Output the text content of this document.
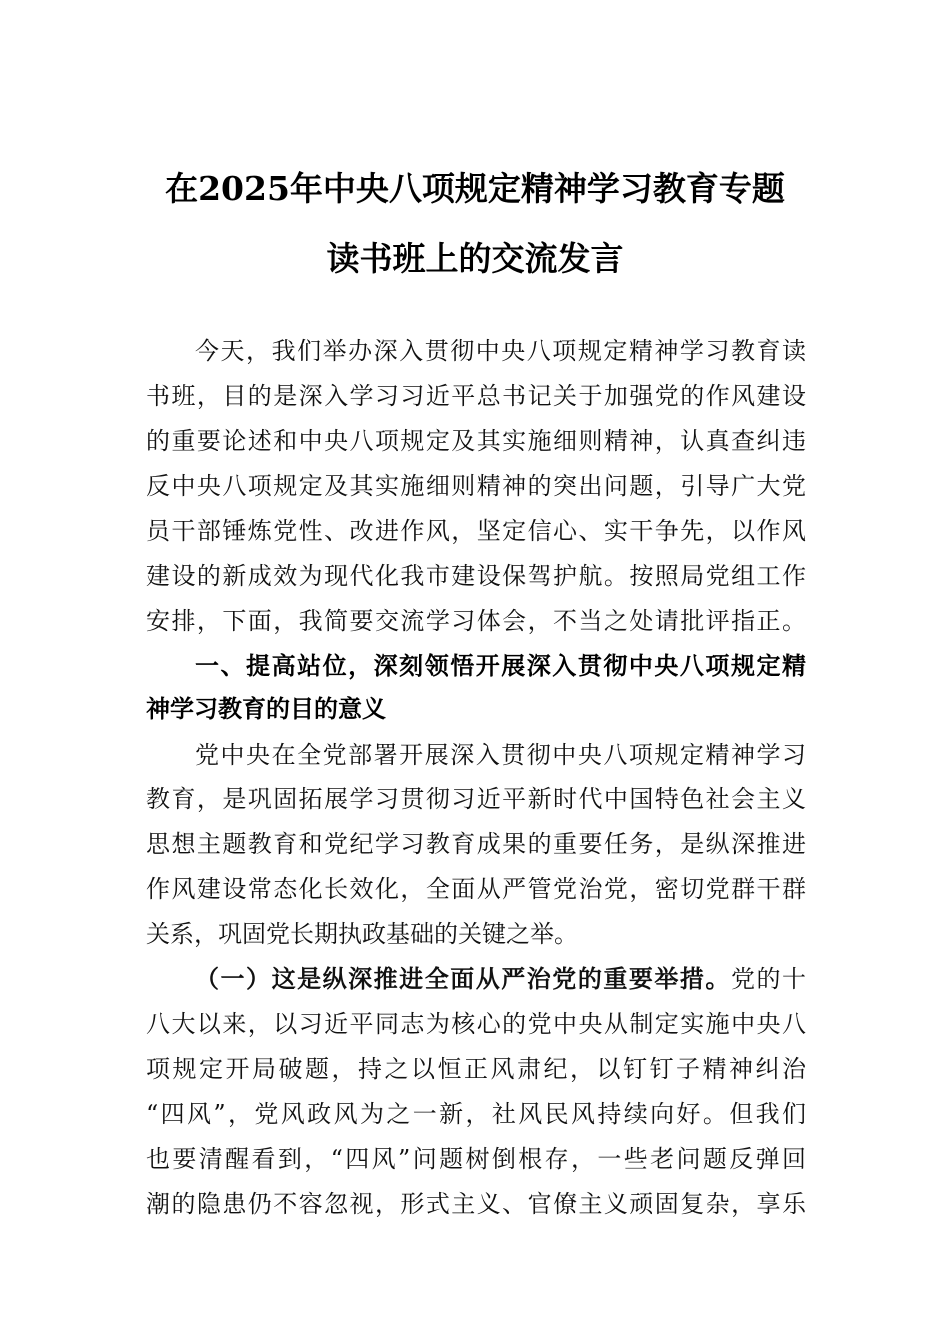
在2025年中央八项规定精神学习教育专题
读书班上的交流发言
今天，我们举办深入贯彻中央八项规定精神学习教育读
书班，目的是深入学习习近平总书记关于加强党的作风建设
的重要论述和中央八项规定及其实施细则精神，认真查纠违
反中央八项规定及其实施细则精神的突出问题，引导广大党
员干部锤炼党性、改进作风，坚定信心、实干争先，以作风
建设的新成效为现代化我市建设保驾护航。按照局党组工作
安排，下面，我简要交流学习体会，不当之处请批评指正。
一、提高站位，深刻领悟开展深入贯彻中央八项规定精
神学习教育的目的意义
党中央在全党部署开展深入贯彻中央八项规定精神学习
教育，是巩固拓展学习贯彻习近平新时代中国特色社会主义
思想主题教育和党纪学习教育成果的重要任务，是纵深推进
作风建设常态化长效化，全面从严管党治党，密切党群干群
关系，巩固党长期执政基础的关键之举。
（一）这是纵深推进全面从严治党的重要举措。党的十
八大以来，以习近平同志为核心的党中央从制定实施中央八
项规定开局破题，持之以恒正风肃纪，以钉钉子精神纠治
“四风”，党风政风为之一新，社风民风持续向好。但我们
也要清醒看到，“四风”问题树倒根存，一些老问题反弹回
潮的隐患仍不容忽视，形式主义、官僚主义顽固复杂，享乐
